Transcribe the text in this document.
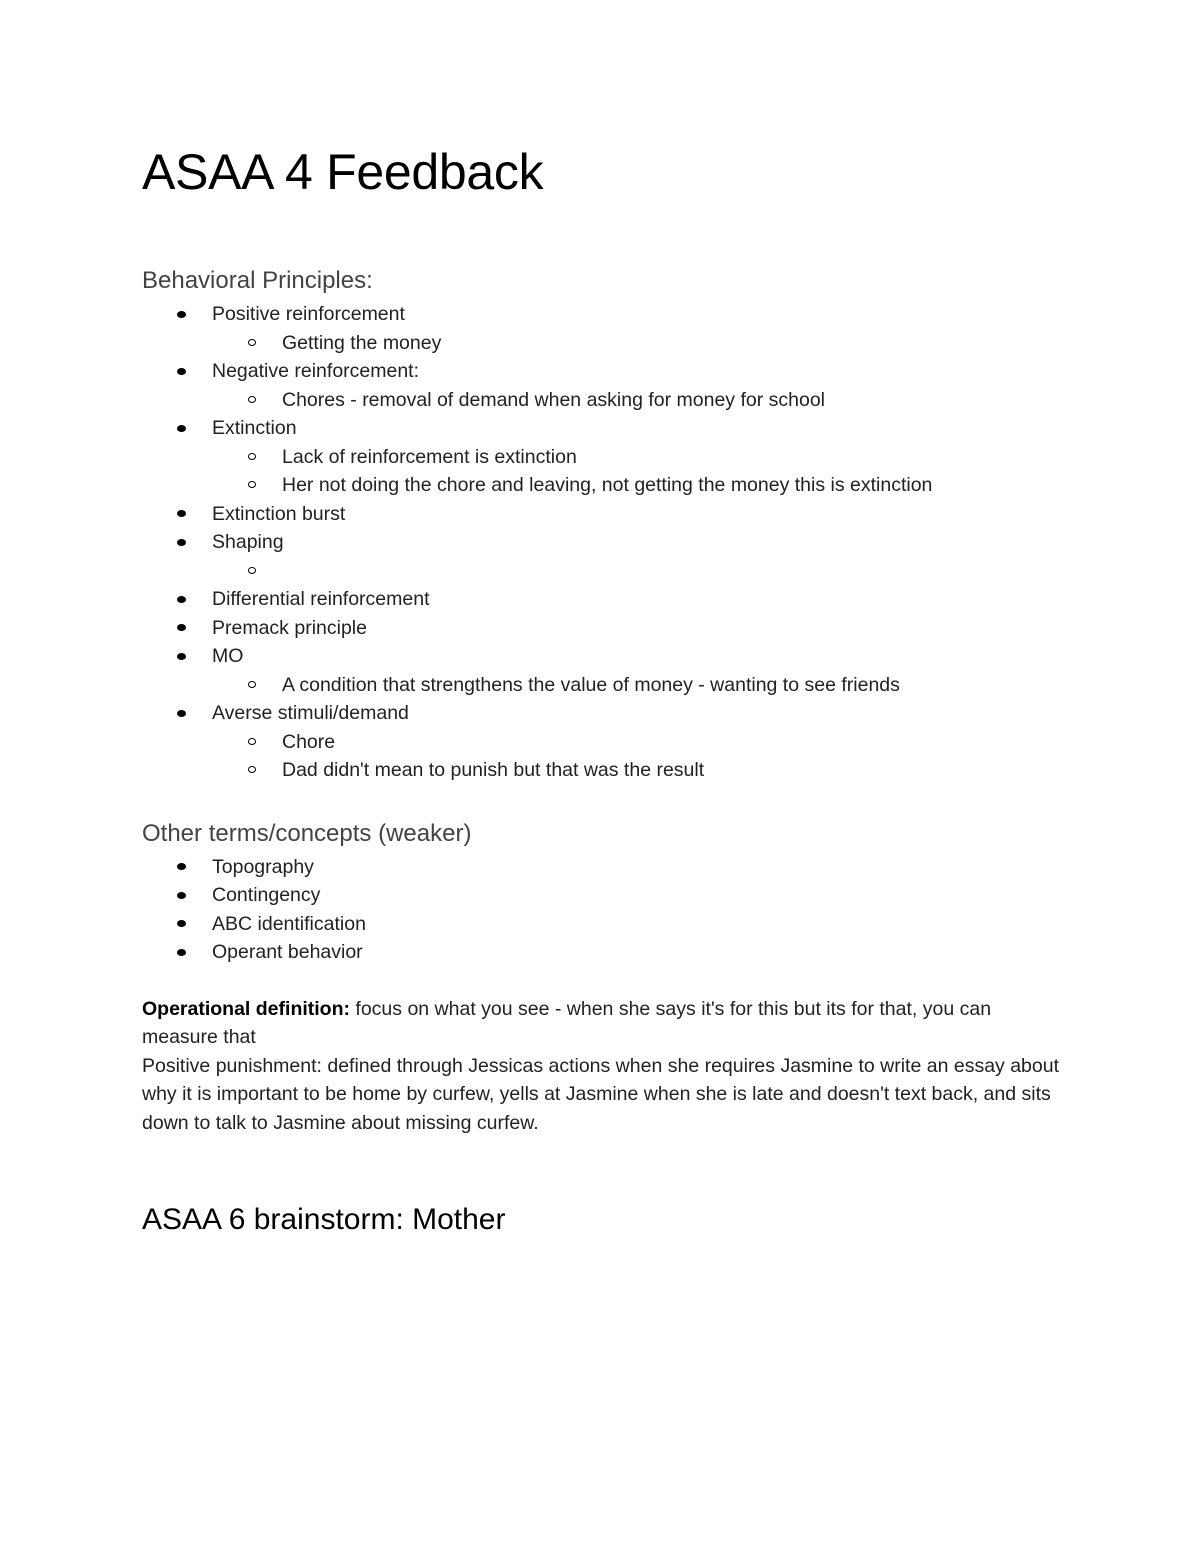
ASAA 4 Feedback
Behavioral Principles:
Positive reinforcement
Getting the money
Negative reinforcement:
Chores - removal of demand when asking for money for school
Extinction
Lack of reinforcement is extinction
Her not doing the chore and leaving, not getting the money this is extinction
Extinction burst
Shaping
Differential reinforcement
Premack principle
MO
A condition that strengthens the value of money - wanting to see friends
Averse stimuli/demand
Chore
Dad didn't mean to punish but that was the result
Other terms/concepts (weaker)
Topography
Contingency
ABC identification
Operant behavior

Operational definition: focus on what you see - when she says it's for this but its for that, you can measure that

Positive punishment: defined through Jessicas actions when she requires Jasmine to write an essay about why it is important to be home by curfew, yells at Jasmine when she is late and doesn't text back, and sits down to talk to Jasmine about missing curfew.

ASAA 6 brainstorm: Mother
